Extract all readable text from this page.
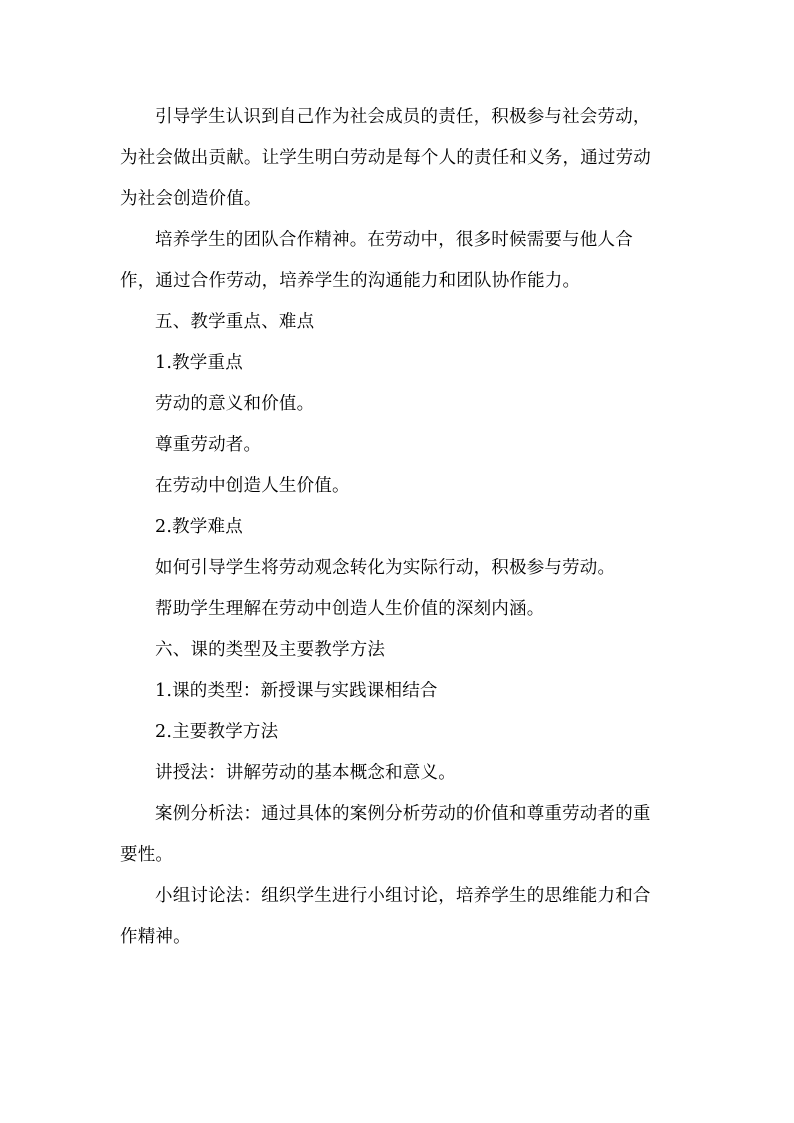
引导学生认识到自己作为社会成员的责任，积极参与社会劳动，为社会做出贡献。让学生明白劳动是每个人的责任和义务，通过劳动为社会创造价值。

培养学生的团队合作精神。在劳动中，很多时候需要与他人合作，通过合作劳动，培养学生的沟通能力和团队协作能力。

五、教学重点、难点

1.教学重点

劳动的意义和价值。

尊重劳动者。

在劳动中创造人生价值。

2.教学难点

如何引导学生将劳动观念转化为实际行动，积极参与劳动。

帮助学生理解在劳动中创造人生价值的深刻内涵。

六、课的类型及主要教学方法

1.课的类型：新授课与实践课相结合

2.主要教学方法

讲授法：讲解劳动的基本概念和意义。

案例分析法：通过具体的案例分析劳动的价值和尊重劳动者的重要性。

小组讨论法：组织学生进行小组讨论，培养学生的思维能力和合作精神。
